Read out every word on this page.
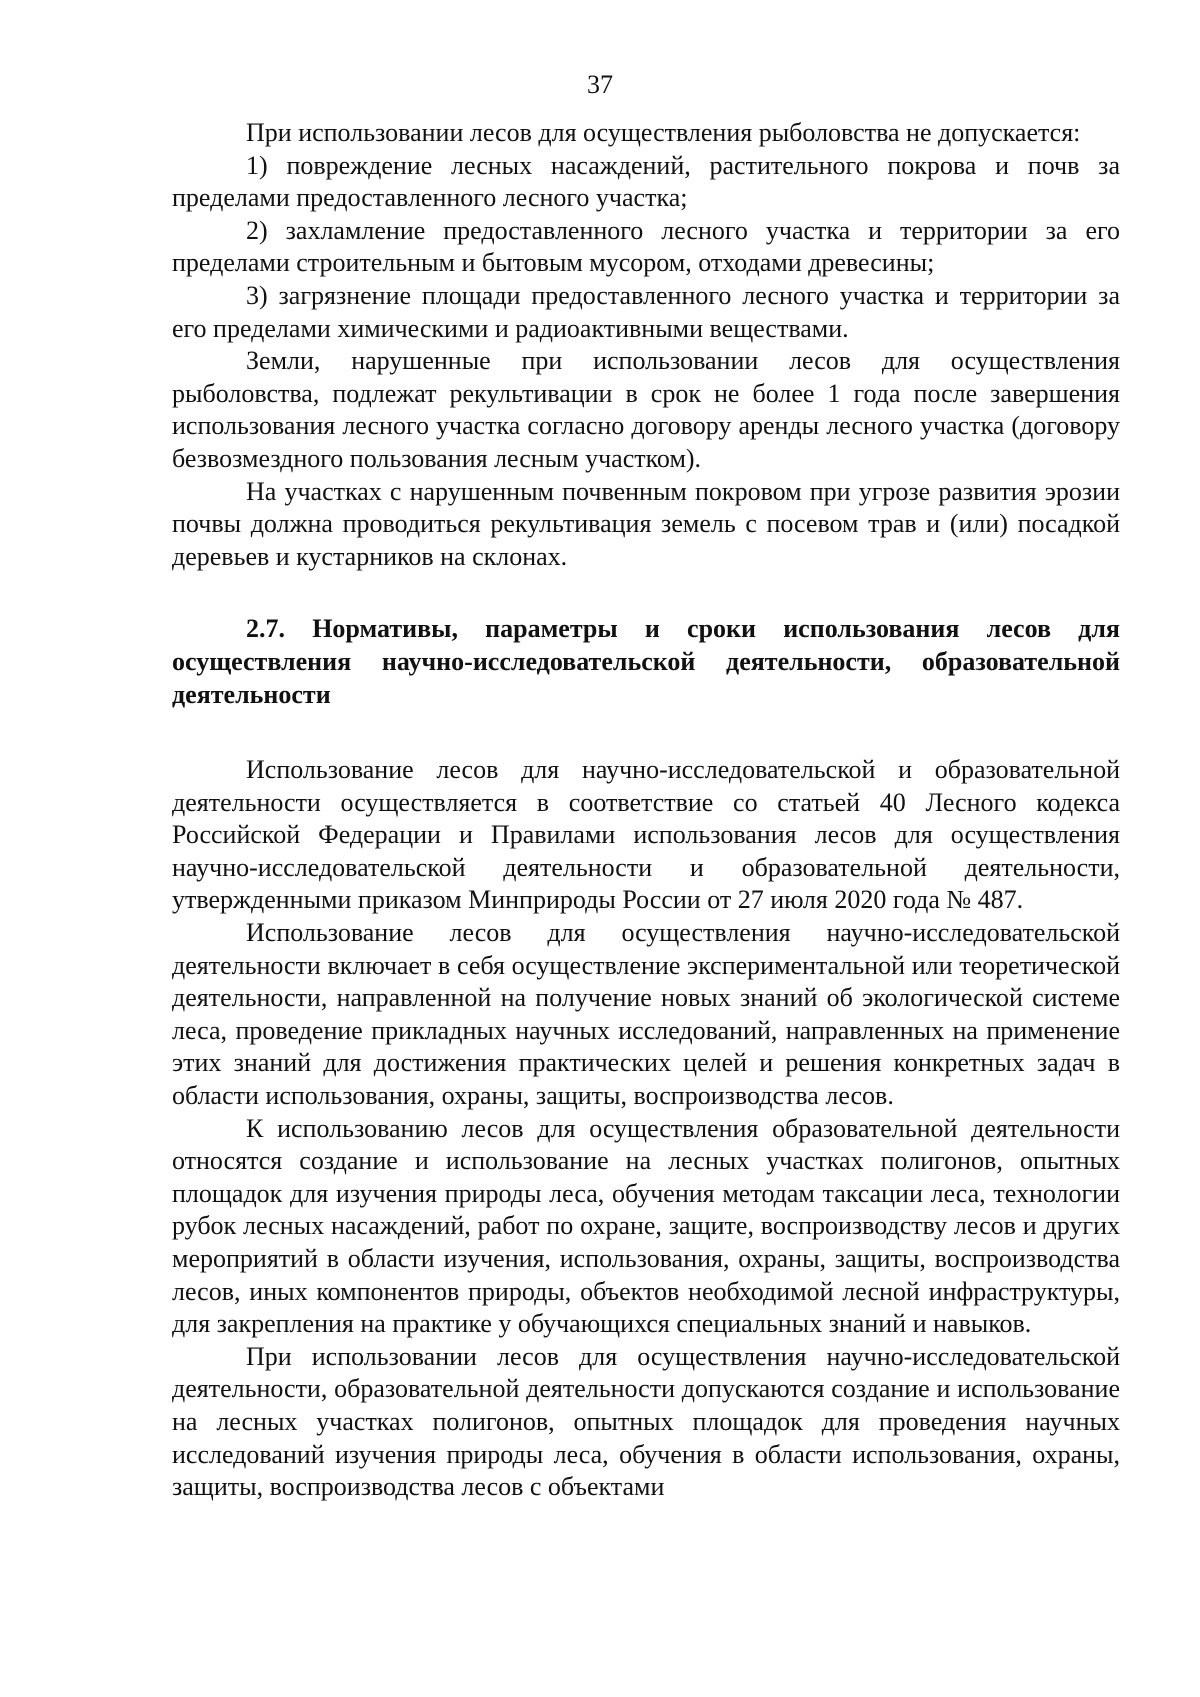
37

При использовании лесов для осуществления рыболовства не допускается:

1) повреждение лесных насаждений, растительного покрова и почв за пределами предоставленного лесного участка;

2) захламление предоставленного лесного участка и территории за его пределами строительным и бытовым мусором, отходами древесины;

3) загрязнение площади предоставленного лесного участка и территории за его пределами химическими и радиоактивными веществами.

Земли, нарушенные при использовании лесов для осуществления рыболовства, подлежат рекультивации в срок не более 1 года после завершения использования лесного участка согласно договору аренды лесного участка (договору безвозмездного пользования лесным участком).

На участках с нарушенным почвенным покровом при угрозе развития эрозии почвы должна проводиться рекультивация земель с посевом трав и (или) посадкой деревьев и кустарников на склонах.

2.7. Нормативы, параметры и сроки использования лесов для осуществления научно-исследовательской деятельности, образовательной деятельности

Использование лесов для научно-исследовательской и образовательной деятельности осуществляется в соответствие со статьей 40 Лесного кодекса Российской Федерации и Правилами использования лесов для осуществления научно-исследовательской деятельности и образовательной деятельности, утвержденными приказом Минприроды России от 27 июля 2020 года № 487.

Использование лесов для осуществления научно-исследовательской деятельности включает в себя осуществление экспериментальной или теоретической деятельности, направленной на получение новых знаний об экологической системе леса, проведение прикладных научных исследований, направленных на применение этих знаний для достижения практических целей и решения конкретных задач в области использования, охраны, защиты, воспроизводства лесов.

К использованию лесов для осуществления образовательной деятельности относятся создание и использование на лесных участках полигонов, опытных площадок для изучения природы леса, обучения методам таксации леса, технологии рубок лесных насаждений, работ по охране, защите, воспроизводству лесов и других мероприятий в области изучения, использования, охраны, защиты, воспроизводства лесов, иных компонентов природы, объектов необходимой лесной инфраструктуры, для закрепления на практике у обучающихся специальных знаний и навыков.

При использовании лесов для осуществления научно-исследовательской деятельности, образовательной деятельности допускаются создание и использование на лесных участках полигонов, опытных площадок для проведения научных исследований изучения природы леса, обучения в области использования, охраны, защиты, воспроизводства лесов с объектами
